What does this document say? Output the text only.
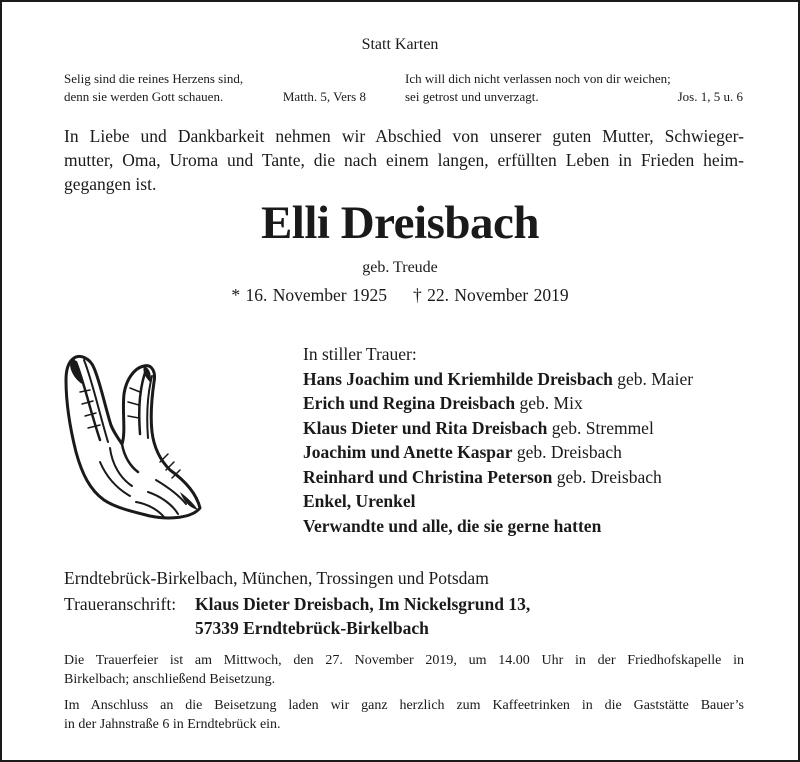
Statt Karten
Selig sind die reines Herzens sind,
denn sie werden Gott schauen.	Matth. 5, Vers 8
Ich will dich nicht verlassen noch von dir weichen;
sei getrost und unverzagt.	Jos. 1, 5 u. 6
In Liebe und Dankbarkeit nehmen wir Abschied von unserer guten Mutter, Schwieger-
mutter, Oma, Uroma und Tante, die nach einem langen, erfüllten Leben in Frieden heim-
gegangen ist.
Elli Dreisbach
geb. Treude
* 16. November 1925 † 22. November 2019
In stiller Trauer:
Hans Joachim und Kriemhilde Dreisbach geb. Maier
Erich und Regina Dreisbach geb. Mix
Klaus Dieter und Rita Dreisbach geb. Stremmel
Joachim und Anette Kaspar geb. Dreisbach
Reinhard und Christina Peterson geb. Dreisbach
Enkel, Urenkel
Verwandte und alle, die sie gerne hatten
Erndtebrück-Birkelbach, München, Trossingen und Potsdam
Traueranschrift: Klaus Dieter Dreisbach, Im Nickelsgrund 13,
57339 Erndtebrück-Birkelbach
Die Trauerfeier ist am Mittwoch, den 27. November 2019, um 14.00 Uhr in der Friedhofskapelle in
Birkelbach; anschließend Beisetzung.
Im Anschluss an die Beisetzung laden wir ganz herzlich zum Kaffeetrinken in die Gaststätte Bauer’s
in der Jahnstraße 6 in Erndtebrück ein.
